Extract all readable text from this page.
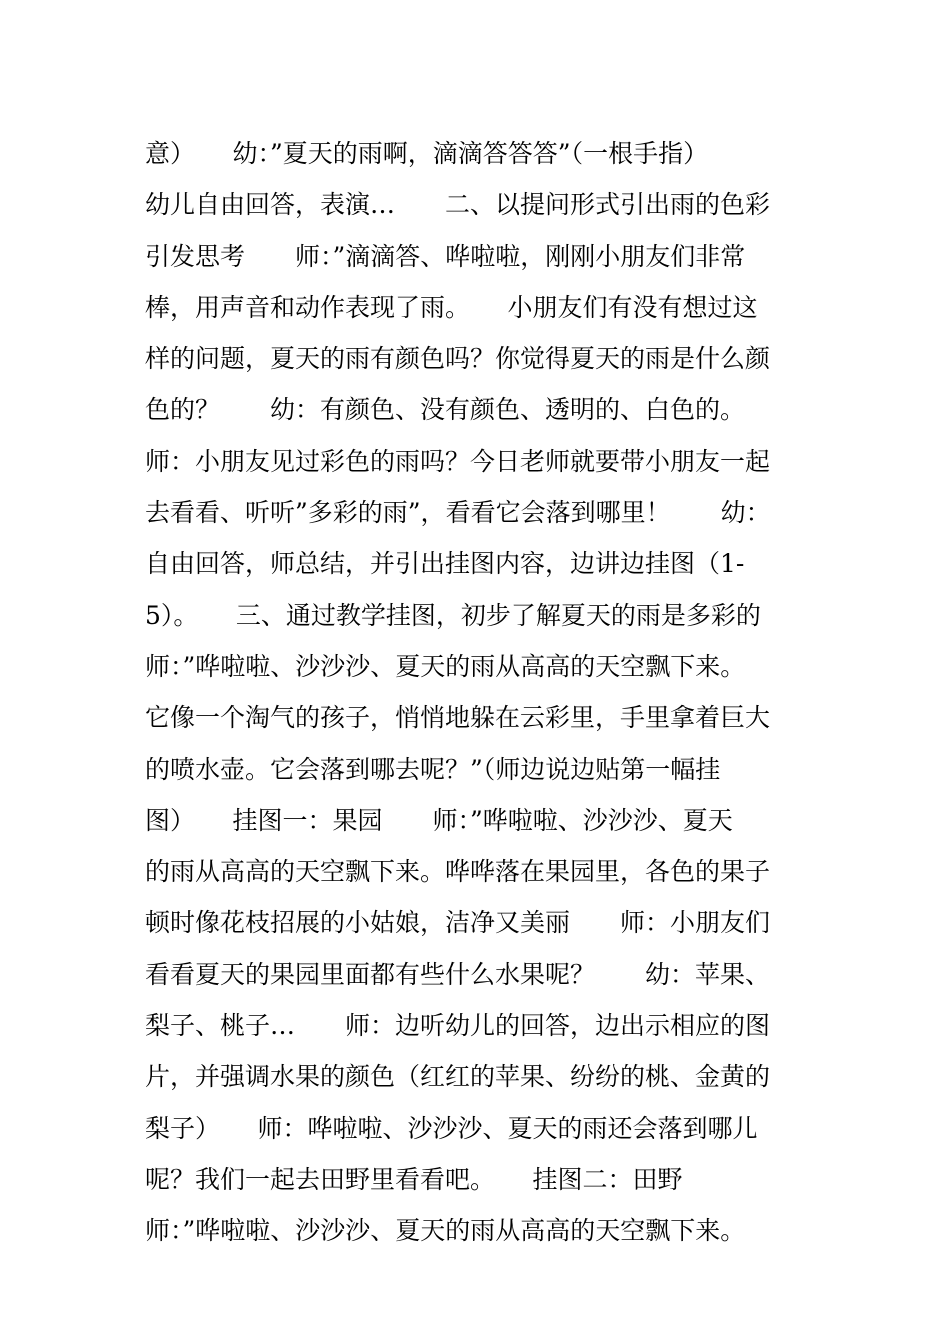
意）　　幼：”夏天的雨啊，滴滴答答答”（一根手指）
幼儿自由回答，表演…　　二、以提问形式引出雨的色彩
引发思考　　师：”滴滴答、哗啦啦，刚刚小朋友们非常
棒，用声音和动作表现了雨。　　小朋友们有没有想过这
样的问题，夏天的雨有颜色吗？你觉得夏天的雨是什么颜
色的？　　幼：有颜色、没有颜色、透明的、白色的。
师：小朋友见过彩色的雨吗？今日老师就要带小朋友一起
去看看、听听”多彩的雨”，看看它会落到哪里！　　幼：
自由回答，师总结，并引出挂图内容，边讲边挂图（1-
5）。　　三、通过教学挂图，初步了解夏天的雨是多彩的
师：”哗啦啦、沙沙沙、夏天的雨从高高的天空飘下来。
它像一个淘气的孩子，悄悄地躲在云彩里，手里拿着巨大
的喷水壶。它会落到哪去呢？”（师边说边贴第一幅挂
图）　　挂图一：果园　　师：”哗啦啦、沙沙沙、夏天
的雨从高高的天空飘下来。哗哗落在果园里，各色的果子
顿时像花枝招展的小姑娘，洁净又美丽　　师：小朋友们
看看夏天的果园里面都有些什么水果呢？　　幼：苹果、
梨子、桃子…　　师：边听幼儿的回答，边出示相应的图
片，并强调水果的颜色（红红的苹果、纷纷的桃、金黄的
梨子）　　师：哗啦啦、沙沙沙、夏天的雨还会落到哪儿
呢？我们一起去田野里看看吧。　　挂图二：田野
师：”哗啦啦、沙沙沙、夏天的雨从高高的天空飘下来。
